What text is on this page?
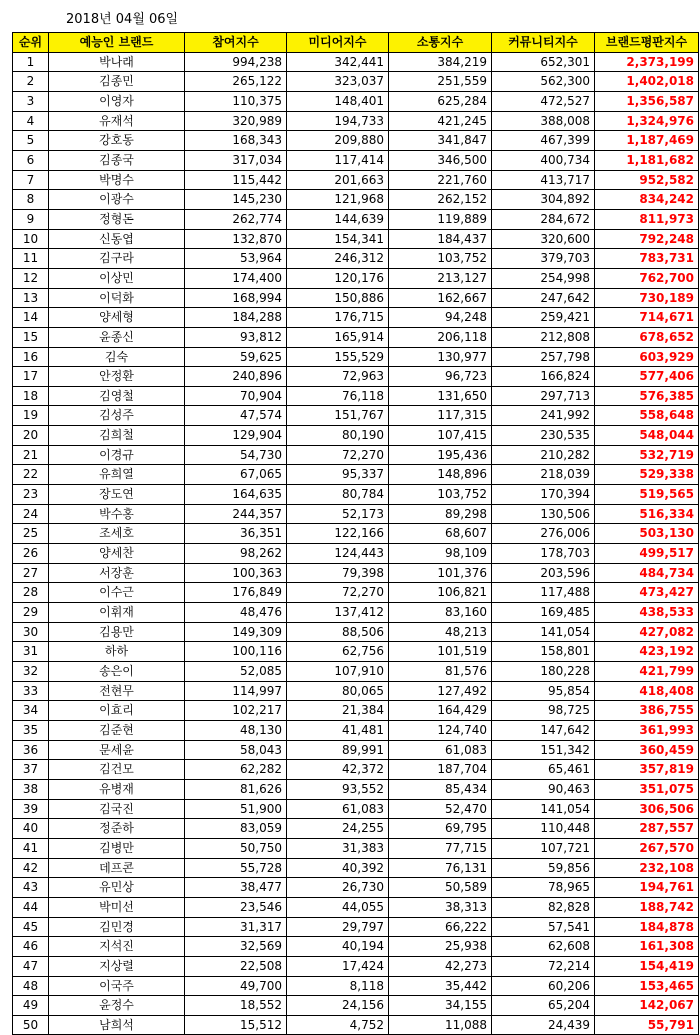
2018년 04월 06일
순위	예능인 브랜드	참여지수	미디어지수	소통지수	커뮤니티지수	브랜드평판지수
1	박나래	994,238	342,441	384,219	652,301	2,373,199
2	김종민	265,122	323,037	251,559	562,300	1,402,018
3	이영자	110,375	148,401	625,284	472,527	1,356,587
4	유재석	320,989	194,733	421,245	388,008	1,324,976
5	강호동	168,343	209,880	341,847	467,399	1,187,469
6	김종국	317,034	117,414	346,500	400,734	1,181,682
7	박명수	115,442	201,663	221,760	413,717	952,582
8	이광수	145,230	121,968	262,152	304,892	834,242
9	정형돈	262,774	144,639	119,889	284,672	811,973
10	신동엽	132,870	154,341	184,437	320,600	792,248
11	김구라	53,964	246,312	103,752	379,703	783,731
12	이상민	174,400	120,176	213,127	254,998	762,700
13	이덕화	168,994	150,886	162,667	247,642	730,189
14	양세형	184,288	176,715	94,248	259,421	714,671
15	윤종신	93,812	165,914	206,118	212,808	678,652
16	김숙	59,625	155,529	130,977	257,798	603,929
17	안정환	240,896	72,963	96,723	166,824	577,406
18	김영철	70,904	76,118	131,650	297,713	576,385
19	김성주	47,574	151,767	117,315	241,992	558,648
20	김희철	129,904	80,190	107,415	230,535	548,044
21	이경규	54,730	72,270	195,436	210,282	532,719
22	유희열	67,065	95,337	148,896	218,039	529,338
23	장도연	164,635	80,784	103,752	170,394	519,565
24	박수홍	244,357	52,173	89,298	130,506	516,334
25	조세호	36,351	122,166	68,607	276,006	503,130
26	양세찬	98,262	124,443	98,109	178,703	499,517
27	서장훈	100,363	79,398	101,376	203,596	484,734
28	이수근	176,849	72,270	106,821	117,488	473,427
29	이휘재	48,476	137,412	83,160	169,485	438,533
30	김용만	149,309	88,506	48,213	141,054	427,082
31	하하	100,116	62,756	101,519	158,801	423,192
32	송은이	52,085	107,910	81,576	180,228	421,799
33	전현무	114,997	80,065	127,492	95,854	418,408
34	이효리	102,217	21,384	164,429	98,725	386,755
35	김준현	48,130	41,481	124,740	147,642	361,993
36	문세윤	58,043	89,991	61,083	151,342	360,459
37	김건모	62,282	42,372	187,704	65,461	357,819
38	유병재	81,626	93,552	85,434	90,463	351,075
39	김국진	51,900	61,083	52,470	141,054	306,506
40	정준하	83,059	24,255	69,795	110,448	287,557
41	김병만	50,750	31,383	77,715	107,721	267,570
42	데프콘	55,728	40,392	76,131	59,856	232,108
43	유민상	38,477	26,730	50,589	78,965	194,761
44	박미선	23,546	44,055	38,313	82,828	188,742
45	김민경	31,317	29,797	66,222	57,541	184,878
46	지석진	32,569	40,194	25,938	62,608	161,308
47	지상렬	22,508	17,424	42,273	72,214	154,419
48	이국주	49,700	8,118	35,442	60,206	153,465
49	윤정수	18,552	24,156	34,155	65,204	142,067
50	남희석	15,512	4,752	11,088	24,439	55,791
